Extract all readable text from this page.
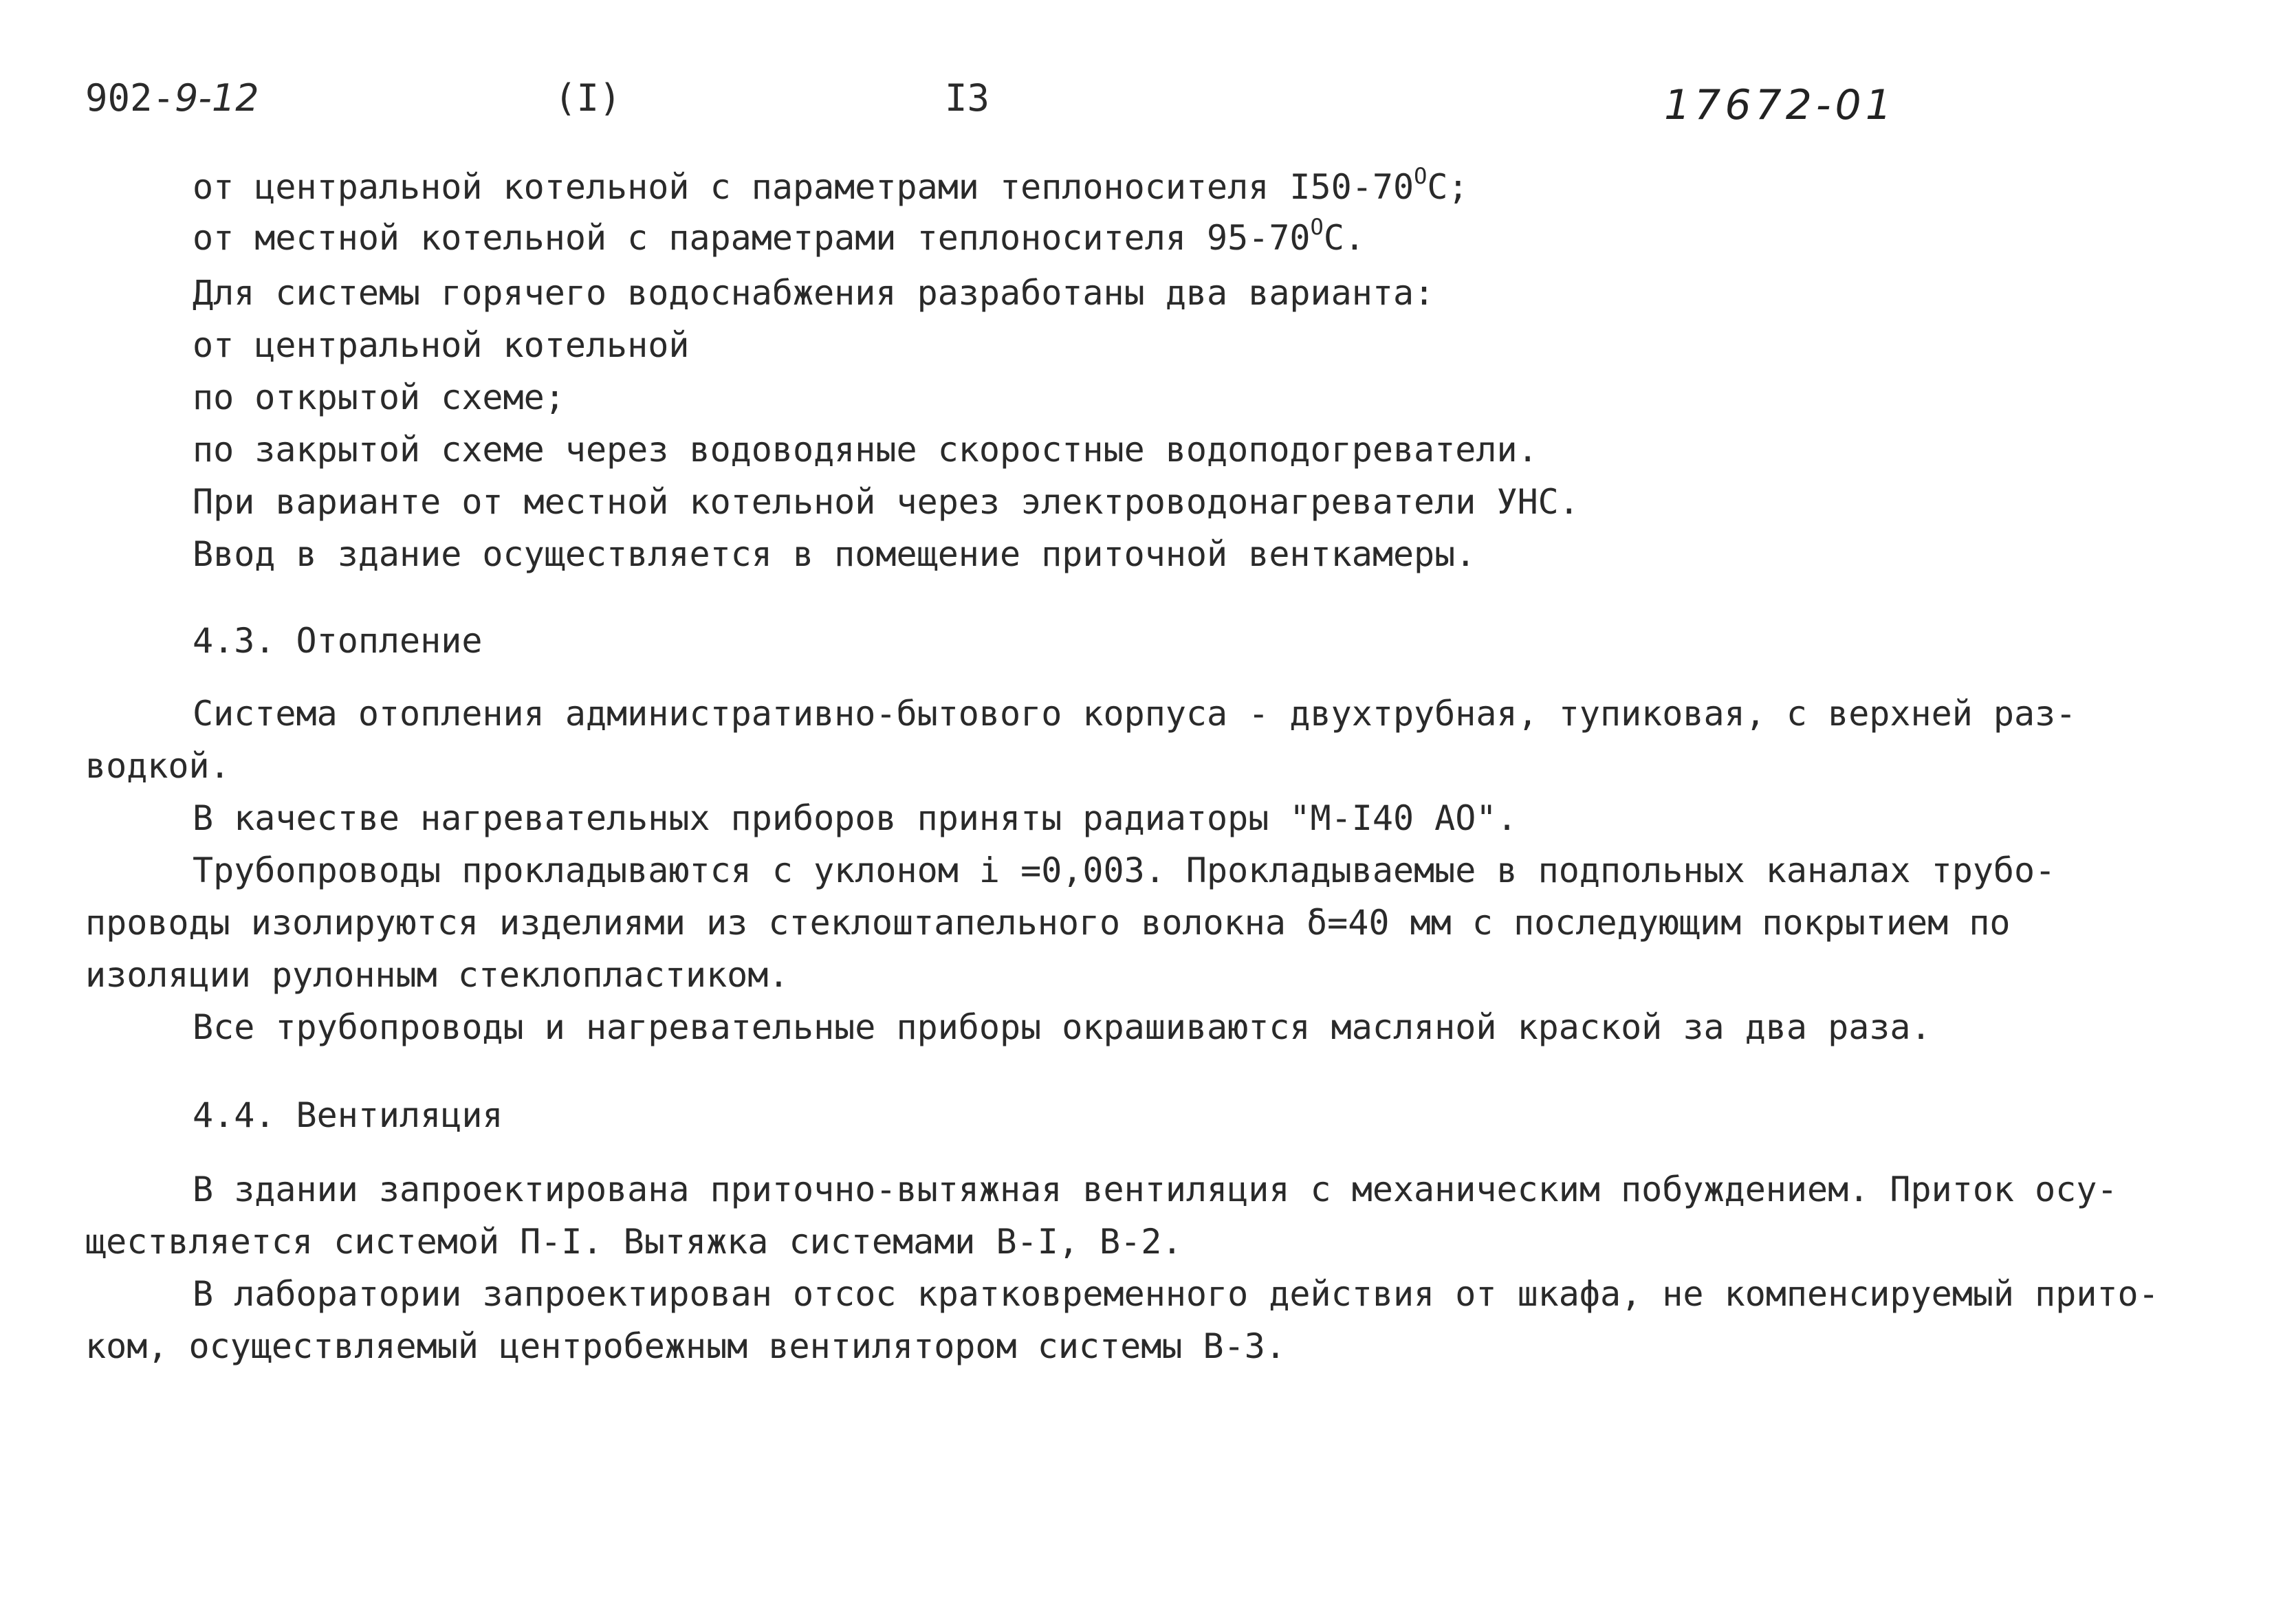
902-9-12	(I)	I3	17672-01
от центральной котельной с параметрами теплоносителя $I50-70^OC$;
от местной котельной с параметрами теплоносителя $95-70^OC$.
Для системы горячего водоснабжения разработаны два варианта:
от центральной котельной
по открытой схеме;
по закрытой схеме через водоводяные скоростные водоподогреватели.
При варианте от местной котельной через электроводонагреватели УНС.
Ввод в здание осуществляется в помещение приточной венткамеры.
4.3. Отопление
Система отопления административно-бытового корпуса - двухтрубная, тупиковая, с верхней раз-
водкой.
В качестве нагревательных приборов приняты радиаторы "М-I40 АО".
Трубопроводы прокладываются с уклоном i =0,003. Прокладываемые в подпольных каналах трубо-
проводы изолируются изделиями из стеклоштапельного волокна δ=40 мм с последующим покрытием по
изоляции рулонным стеклопластиком.
Все трубопроводы и нагревательные приборы окрашиваются масляной краской за два раза.
4.4. Вентиляция
В здании запроектирована приточно-вытяжная вентиляция с механическим побуждением. Приток осу-
ществляется системой П-I. Вытяжка системами В-I, В-2.
В лаборатории запроектирован отсос кратковременного действия от шкафа, не компенсируемый прито-
ком, осуществляемый центробежным вентилятором системы В-3.
